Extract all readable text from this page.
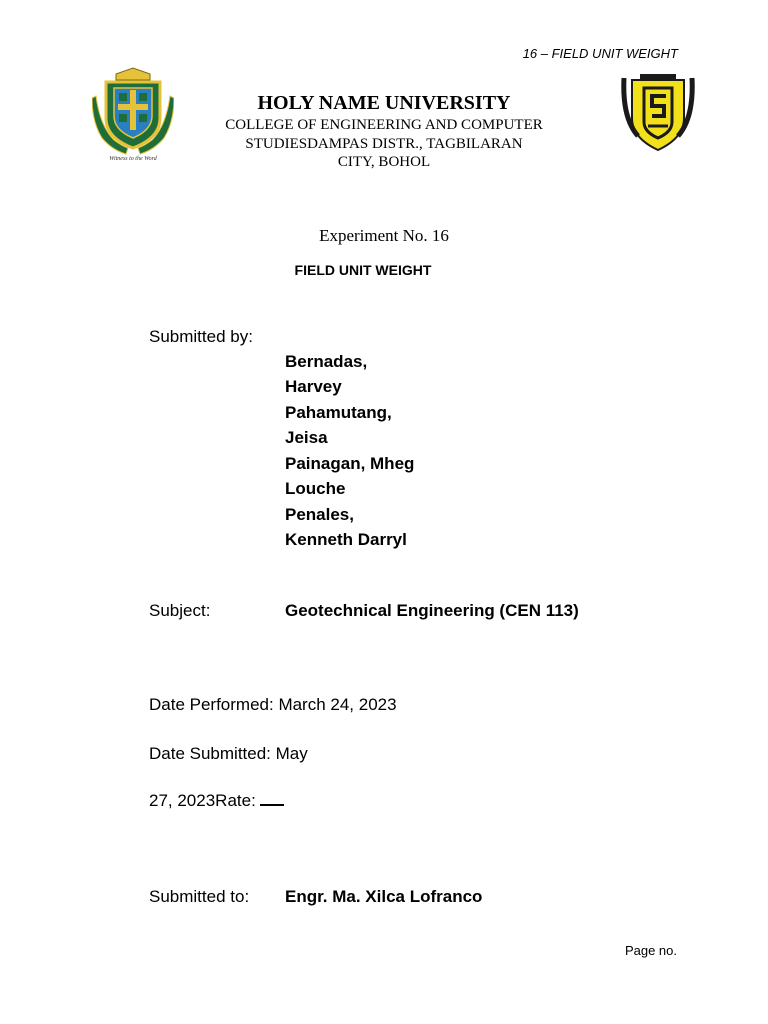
16 – FIELD UNIT WEIGHT
Witness to the Word
HOLY NAME UNIVERSITY
COLLEGE OF ENGINEERING AND COMPUTER
STUDIESDAMPAS DISTR., TAGBILARAN
CITY, BOHOL
Experiment No. 16
FIELD UNIT WEIGHT
Submitted by:
Bernadas,
Harvey
Pahamutang,
Jeisa
Painagan, Mheg
Louche
Penales,
Kenneth Darryl
Subject:	Geotechnical Engineering (CEN 113)
Date Performed: March 24, 2023
Date Submitted: May
27, 2023Rate:
Submitted to: Engr. Ma. Xilca Lofranco
Page no.
